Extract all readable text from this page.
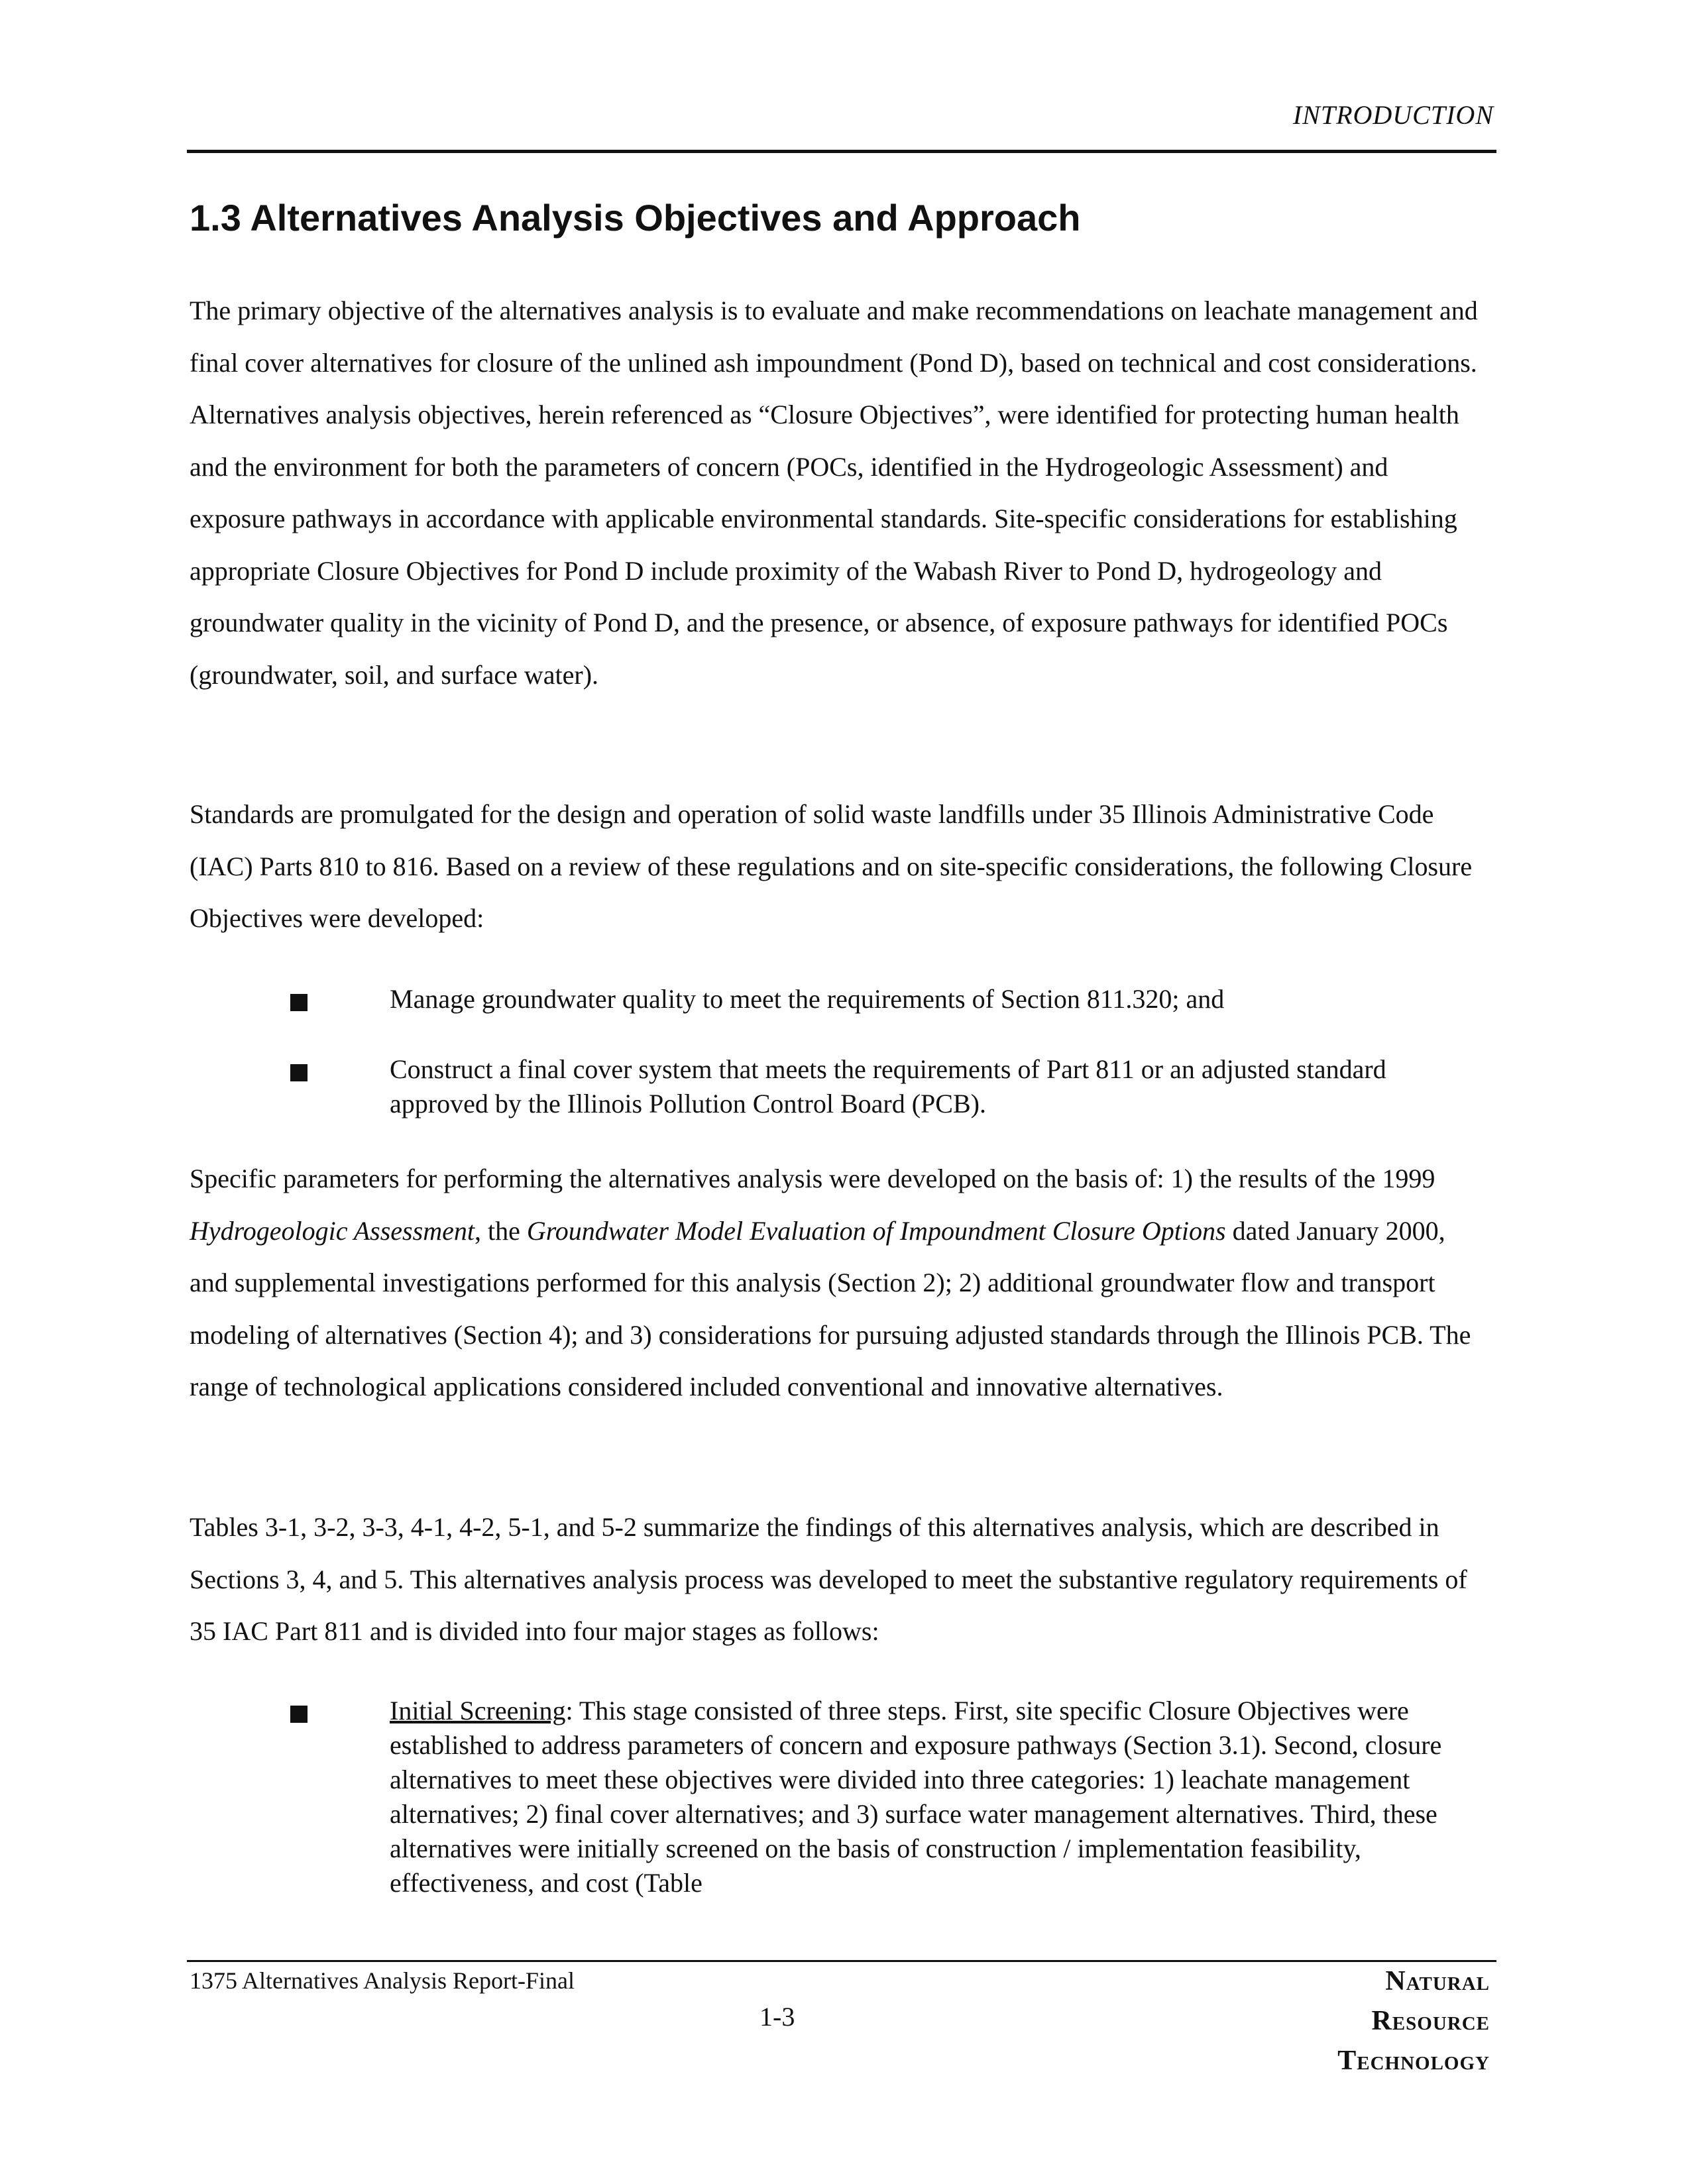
INTRODUCTION
1.3 Alternatives Analysis Objectives and Approach

The primary objective of the alternatives analysis is to evaluate and make recommendations on leachate management and final cover alternatives for closure of the unlined ash impoundment (Pond D), based on technical and cost considerations. Alternatives analysis objectives, herein referenced as “Closure Objectives”, were identified for protecting human health and the environment for both the parameters of concern (POCs, identified in the Hydrogeologic Assessment) and exposure pathways in accordance with applicable environmental standards. Site-specific considerations for establishing appropriate Closure Objectives for Pond D include proximity of the Wabash River to Pond D, hydrogeology and groundwater quality in the vicinity of Pond D, and the presence, or absence, of exposure pathways for identified POCs (groundwater, soil, and surface water).

Standards are promulgated for the design and operation of solid waste landfills under 35 Illinois Administrative Code (IAC) Parts 810 to 816. Based on a review of these regulations and on site-specific considerations, the following Closure Objectives were developed:

Manage groundwater quality to meet the requirements of Section 811.320; and

Construct a final cover system that meets the requirements of Part 811 or an adjusted standard approved by the Illinois Pollution Control Board (PCB).

Specific parameters for performing the alternatives analysis were developed on the basis of: 1) the results of the 1999 Hydrogeologic Assessment, the Groundwater Model Evaluation of Impoundment Closure Options dated January 2000, and supplemental investigations performed for this analysis (Section 2); 2) additional groundwater flow and transport modeling of alternatives (Section 4); and 3) considerations for pursuing adjusted standards through the Illinois PCB. The range of technological applications considered included conventional and innovative alternatives.

Tables 3-1, 3-2, 3-3, 4-1, 4-2, 5-1, and 5-2 summarize the findings of this alternatives analysis, which are described in Sections 3, 4, and 5. This alternatives analysis process was developed to meet the substantive regulatory requirements of 35 IAC Part 811 and is divided into four major stages as follows:

Initial Screening: This stage consisted of three steps. First, site specific Closure Objectives were established to address parameters of concern and exposure pathways (Section 3.1). Second, closure alternatives to meet these objectives were divided into three categories: 1) leachate management alternatives; 2) final cover alternatives; and 3) surface water management alternatives. Third, these alternatives were initially screened on the basis of construction / implementation feasibility, effectiveness, and cost (Table

1375 Alternatives Analysis Report-Final
1-3
Natural
Resource
Technology
